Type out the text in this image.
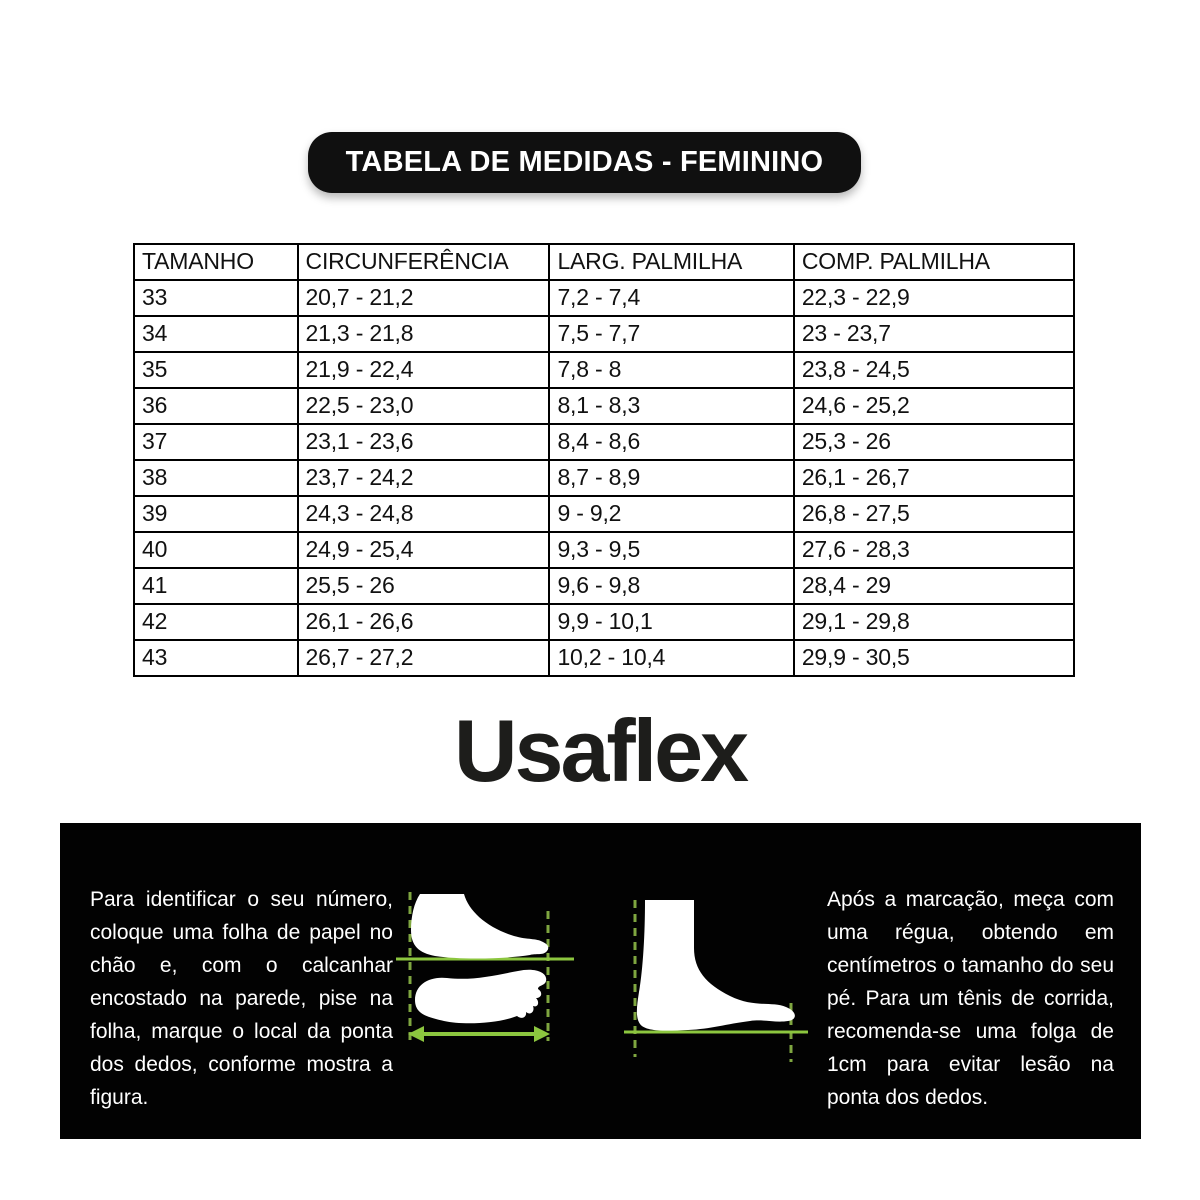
TABELA DE MEDIDAS - FEMININO
TAMANHO	CIRCUNFERÊNCIA	LARG. PALMILHA	COMP. PALMILHA
33	20,7 - 21,2	7,2 - 7,4	22,3 - 22,9
34	21,3 - 21,8	7,5 - 7,7	23 - 23,7
35	21,9 - 22,4	7,8 - 8	23,8 - 24,5
36	22,5 - 23,0	8,1 - 8,3	24,6 - 25,2
37	23,1 - 23,6	8,4 - 8,6	25,3 - 26
38	23,7 - 24,2	8,7 - 8,9	26,1 - 26,7
39	24,3 - 24,8	9 - 9,2	26,8 - 27,5
40	24,9 - 25,4	9,3 - 9,5	27,6 - 28,3
41	25,5 - 26	9,6 - 9,8	28,4 - 29
42	26,1 - 26,6	9,9 - 10,1	29,1 - 29,8
43	26,7 - 27,2	10,2 - 10,4	29,9 - 30,5
Usaflex

Para identificar o seu número, coloque uma folha de papel no chão e, com o calcanhar encostado na parede, pise na folha, marque o local da ponta dos dedos, conforme mostra a figura.

Após a marcação, meça com uma régua, obtendo em centímetros o tamanho do seu pé. Para um tênis de corrida, recomenda-se uma folga de 1cm para evitar lesão na ponta dos dedos.
